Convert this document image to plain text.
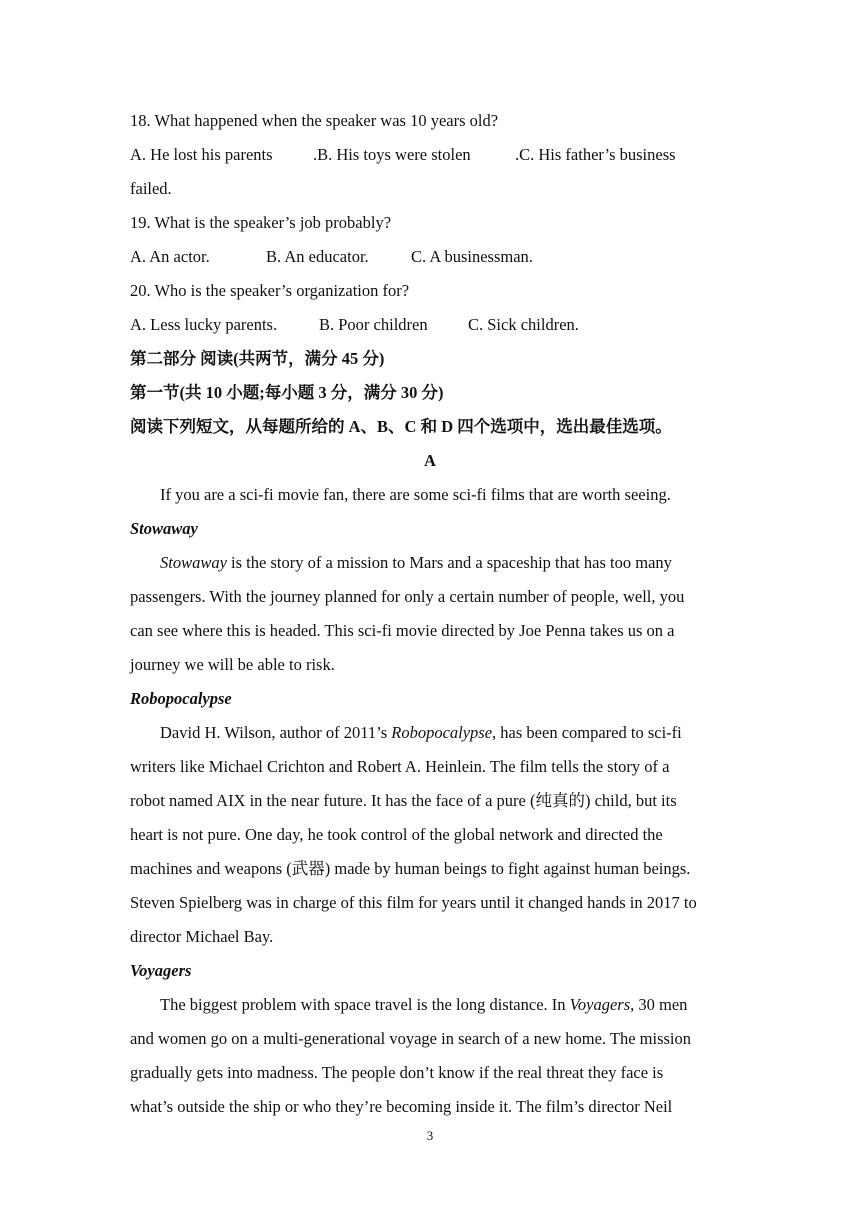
18. What happened when the speaker was 10 years old?
A. He lost his parents .B. His toys were stolen	.C. His father’s business
failed.
19. What is the speaker’s job probably?
A. An actor.	B. An educator.	C. A businessman.
20. Who is the speaker’s organization for?
A. Less lucky parents.	B. Poor children C. Sick children.
第二部分 阅读(共两节，满分 45 分)
第一节(共 10 小题;每小题 3 分，满分 30 分)
阅读下列短文，从每题所给的 A、B、C 和 D 四个选项中，选出最佳选项。
A
If you are a sci-fi movie fan, there are some sci-fi films that are worth seeing.
Stowaway
Stowaway is the story of a mission to Mars and a spaceship that has too many
passengers. With the journey planned for only a certain number of people, well, you
can see where this is headed. This sci-fi movie directed by Joe Penna takes us on a
journey we will be able to risk.
Robopocalypse
David H. Wilson, author of 2011’s Robopocalypse, has been compared to sci-fi
writers like Michael Crichton and Robert A. Heinlein. The film tells the story of a
robot named AIX in the near future. It has the face of a pure (纯真的) child, but its
heart is not pure. One day, he took control of the global network and directed the
machines and weapons (武器) made by human beings to fight against human beings.
Steven Spielberg was in charge of this film for years until it changed hands in 2017 to
director Michael Bay.
Voyagers
The biggest problem with space travel is the long distance. In Voyagers, 30 men
and women go on a multi-generational voyage in search of a new home. The mission
gradually gets into madness. The people don’t know if the real threat they face is
what’s outside the ship or who they’re becoming inside it. The film’s director Neil
3
